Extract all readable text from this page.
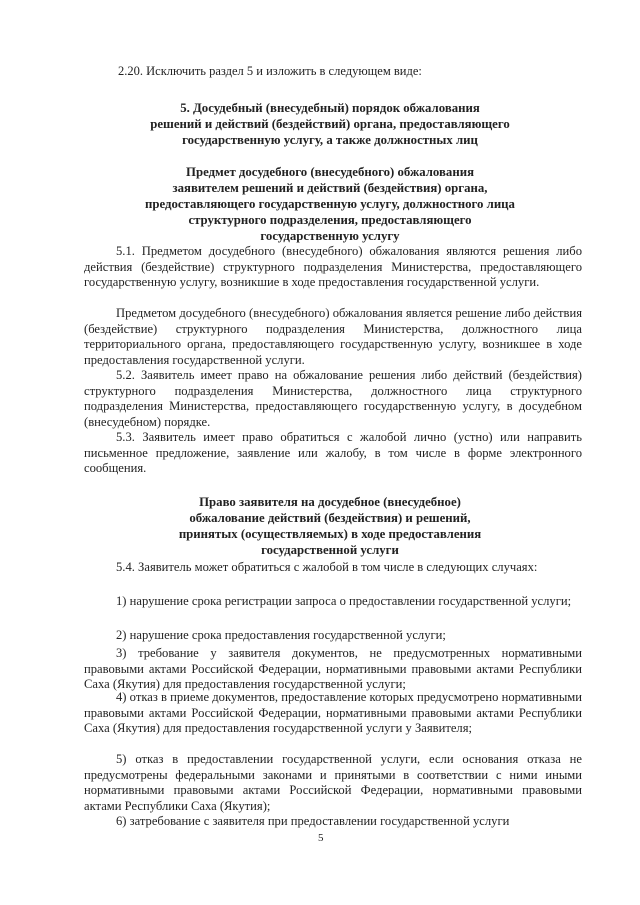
2.20. Исключить раздел 5 и изложить в следующем виде:
5. Досудебный (внесудебный) порядок обжалования
решений и действий (бездействий) органа, предоставляющего
государственную услугу, а также должностных лиц
Предмет досудебного (внесудебного) обжалования
заявителем решений и действий (бездействия) органа,
предоставляющего государственную услугу, должностного лица
структурного подразделения, предоставляющего
государственную услугу
5.1. Предметом досудебного (внесудебного) обжалования являются решения либо действия (бездействие) структурного подразделения Министерства, предоставляющего государственную услугу, возникшие в ходе предоставления государственной услуги.
Предметом досудебного (внесудебного) обжалования является решение либо действия (бездействие) структурного подразделения Министерства, должностного лица территориального органа, предоставляющего государственную услугу, возникшее в ходе предоставления государственной услуги.
5.2. Заявитель имеет право на обжалование решения либо действий (бездействия) структурного подразделения Министерства, должностного лица структурного подразделения Министерства, предоставляющего государственную услугу, в досудебном (внесудебном) порядке.
5.3. Заявитель имеет право обратиться с жалобой лично (устно) или направить письменное предложение, заявление или жалобу, в том числе в форме электронного сообщения.
Право заявителя на досудебное (внесудебное)
обжалование действий (бездействия) и решений,
принятых (осуществляемых) в ходе предоставления
государственной услуги
5.4. Заявитель может обратиться с жалобой в том числе в следующих случаях:
1) нарушение срока регистрации запроса о предоставлении государственной услуги;
2) нарушение срока предоставления государственной услуги;
3) требование у заявителя документов, не предусмотренных нормативными правовыми актами Российской Федерации, нормативными правовыми актами Республики Саха (Якутия) для предоставления государственной услуги;
4) отказ в приеме документов, предоставление которых предусмотрено нормативными правовыми актами Российской Федерации, нормативными правовыми актами Республики Саха (Якутия) для предоставления государственной услуги у Заявителя;
5) отказ в предоставлении государственной услуги, если основания отказа не предусмотрены федеральными законами и принятыми в соответствии с ними иными нормативными правовыми актами Российской Федерации, нормативными правовыми актами Республики Саха (Якутия);
6) затребование с заявителя при предоставлении государственной услуги
5
